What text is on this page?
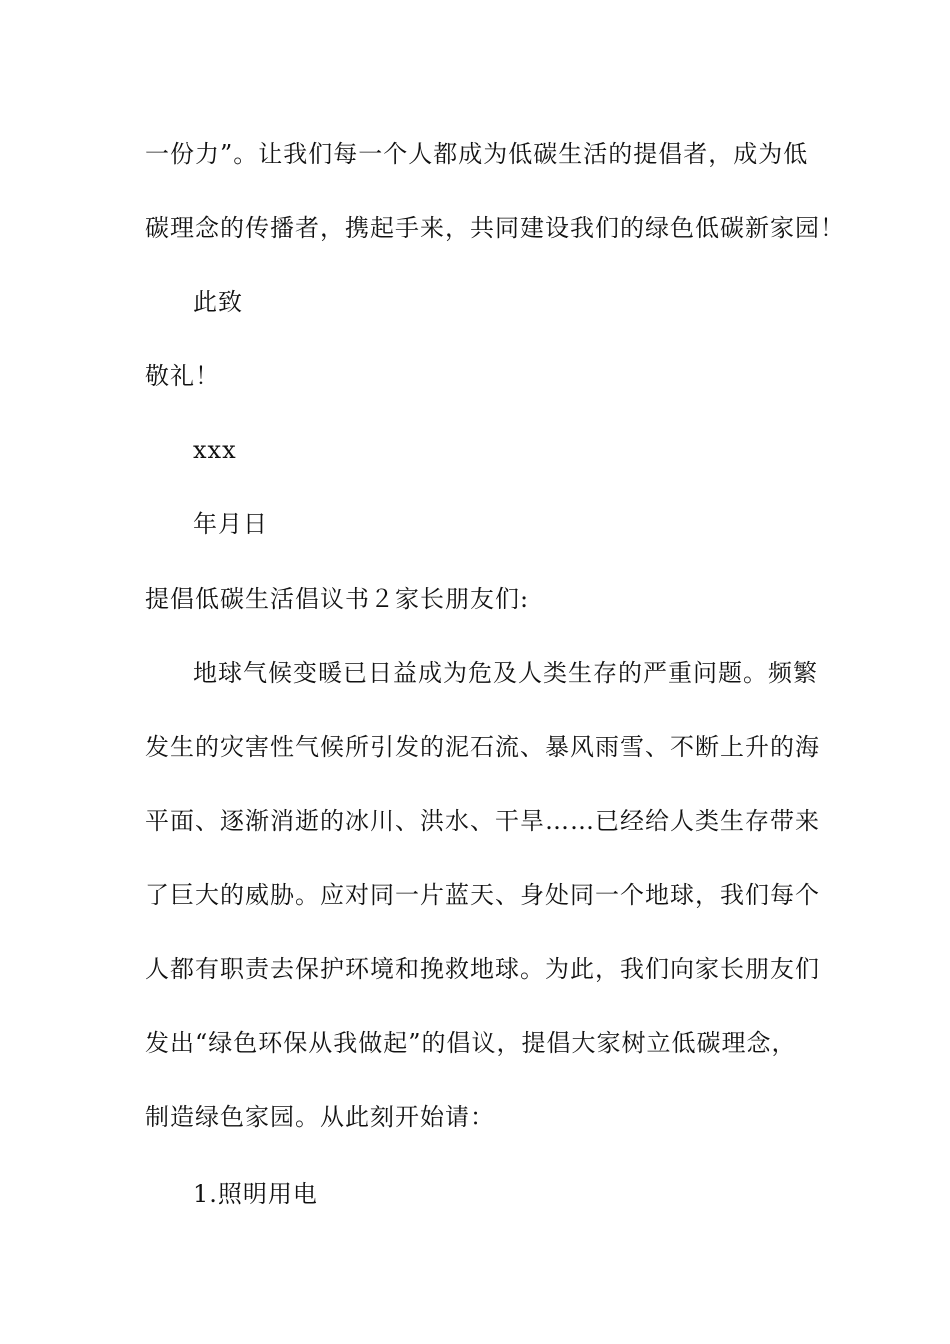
一份力”。让我们每一个人都成为低碳生活的提倡者，成为低
碳理念的传播者，携起手来，共同建设我们的绿色低碳新家园！
此致
敬礼！
xxx
年月日
提倡低碳生活倡议书２家长朋友们:
地球气候变暖已日益成为危及人类生存的严重问题。频繁
发生的灾害性气候所引发的泥石流、暴风雨雪、不断上升的海
平面、逐渐消逝的冰川、洪水、干旱……已经给人类生存带来
了巨大的威胁。应对同一片蓝天、身处同一个地球，我们每个
人都有职责去保护环境和挽救地球。为此，我们向家长朋友们
发出“绿色环保从我做起”的倡议，提倡大家树立低碳理念，
制造绿色家园。从此刻开始请：
1.照明用电
